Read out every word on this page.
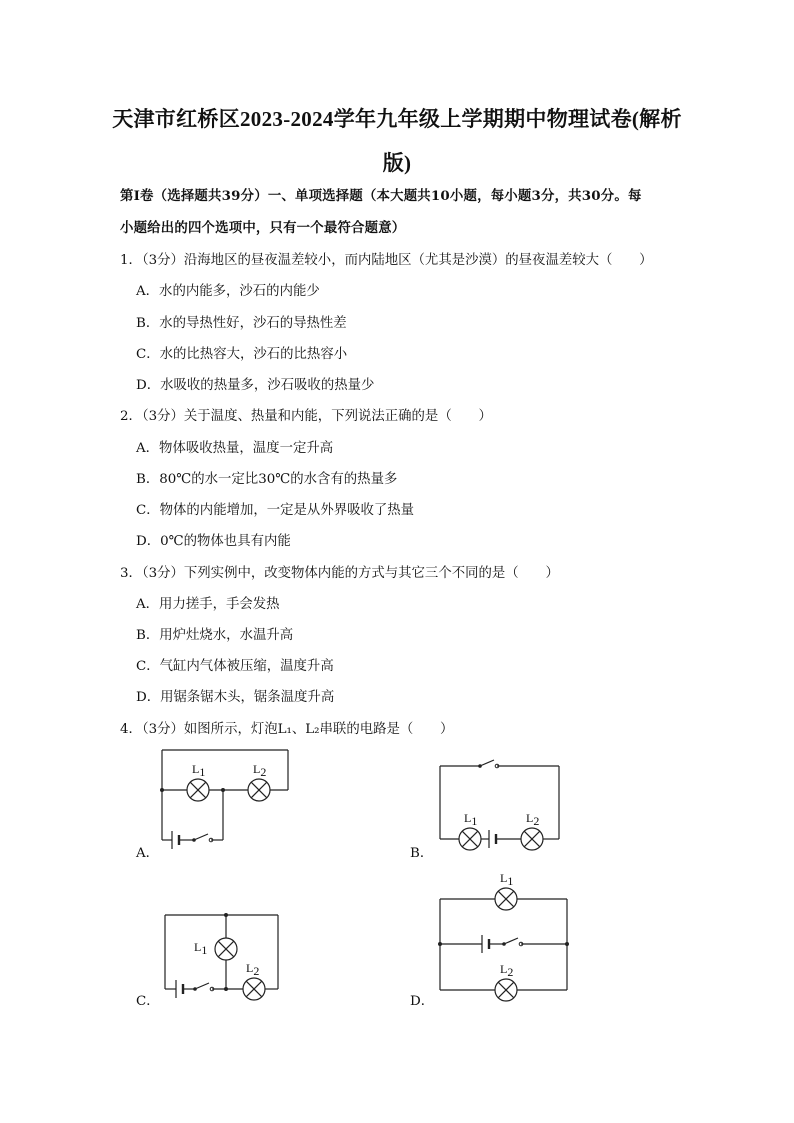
天津市红桥区2023-2024学年九年级上学期期中物理试卷(解析
版)
第Ⅰ卷（选择题共39分）一、单项选择题（本大题共10小题，每小题3分，共30分。每
小题给出的四个选项中，只有一个最符合题意）
1．（3分）沿海地区的昼夜温差较小，而内陆地区（尤其是沙漠）的昼夜温差较大（　　）
A．水的内能多，沙石的内能少
B．水的导热性好，沙石的导热性差
C．水的比热容大，沙石的比热容小
D．水吸收的热量多，沙石吸收的热量少
2．（3分）关于温度、热量和内能，下列说法正确的是（　　）
A．物体吸收热量，温度一定升高
B．80℃的水一定比30℃的水含有的热量多
C．物体的内能增加，一定是从外界吸收了热量
D．0℃的物体也具有内能
3．（3分）下列实例中，改变物体内能的方式与其它三个不同的是（　　）
A．用力搓手，手会发热
B．用炉灶烧水，水温升高
C．气缸内气体被压缩，温度升高
D．用锯条锯木头，锯条温度升高
4．（3分）如图所示，灯泡L₁、L₂串联的电路是（　　）
A．	B．
C．	D．
L1	L2
L1	L2
L1
L2
L1
L2
